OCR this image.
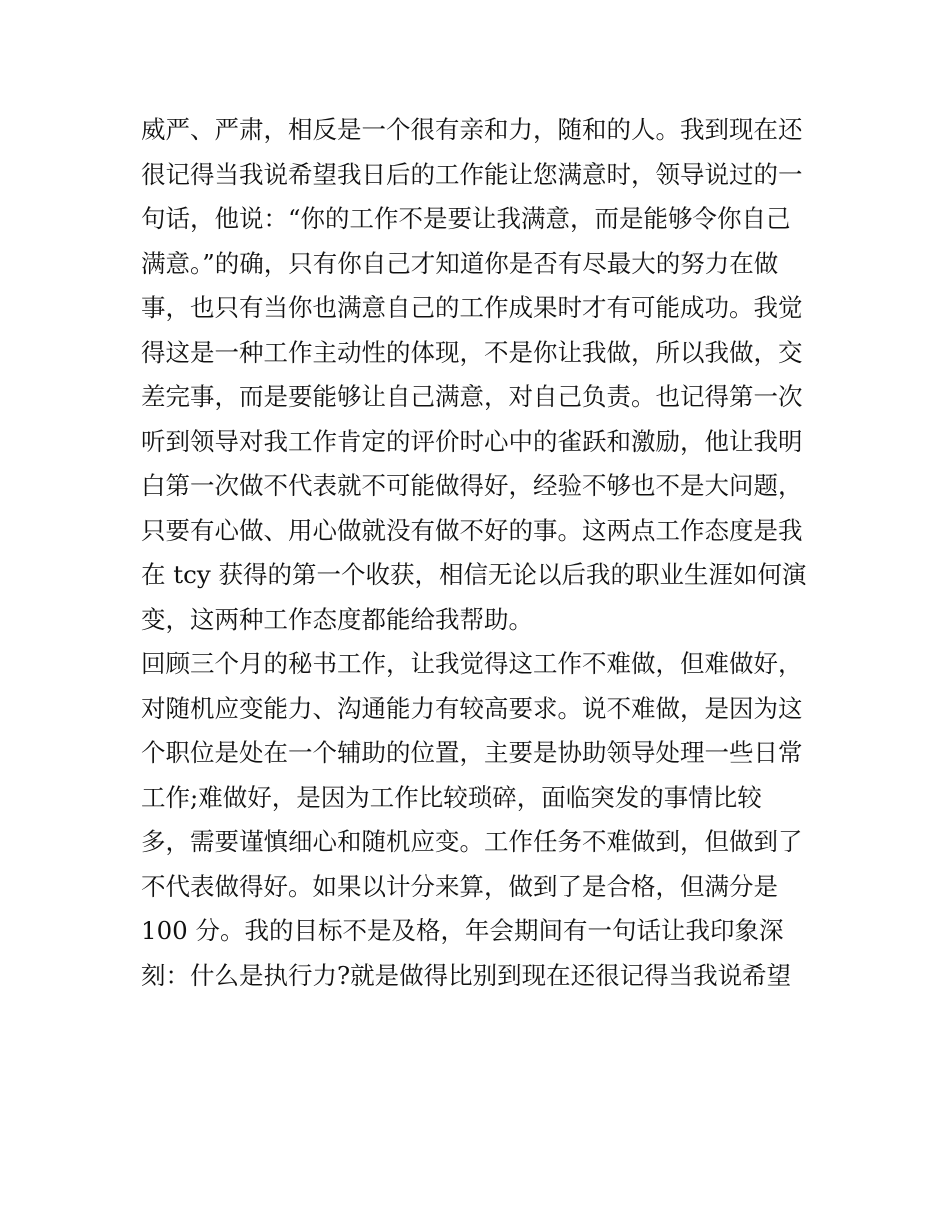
威严、严肃，相反是一个很有亲和力，随和的人。我到现在还
很记得当我说希望我日后的工作能让您满意时，领导说过的一
句话，他说：“你的工作不是要让我满意，而是能够令你自己
满意。”的确，只有你自己才知道你是否有尽最大的努力在做
事，也只有当你也满意自己的工作成果时才有可能成功。我觉
得这是一种工作主动性的体现，不是你让我做，所以我做，交
差完事，而是要能够让自己满意，对自己负责。也记得第一次
听到领导对我工作肯定的评价时心中的雀跃和激励，他让我明
白第一次做不代表就不可能做得好，经验不够也不是大问题，
只要有心做、用心做就没有做不好的事。这两点工作态度是我
在 tcy 获得的第一个收获，相信无论以后我的职业生涯如何演
变，这两种工作态度都能给我帮助。
回顾三个月的秘书工作，让我觉得这工作不难做，但难做好，
对随机应变能力、沟通能力有较高要求。说不难做，是因为这
个职位是处在一个辅助的位置，主要是协助领导处理一些日常
工作;难做好，是因为工作比较琐碎，面临突发的事情比较
多，需要谨慎细心和随机应变。工作任务不难做到，但做到了
不代表做得好。如果以计分来算，做到了是合格，但满分是
100 分。我的目标不是及格，年会期间有一句话让我印象深
刻：什么是执行力?就是做得比别到现在还很记得当我说希望
